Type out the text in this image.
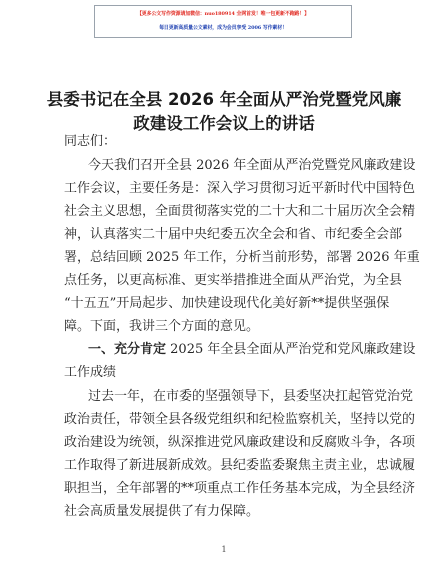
【更多公文写作资源请加微信：nuo180914 全网首发！唯一包更新不跑路！】
每日更新高质量公文素材，成为会员享受 2006 写作素材！
县委书记在全县 2026 年全面从严治党暨党风廉
政建设工作会议上的讲话
同志们：
今天我们召开全县 2026 年全面从严治党暨党风廉政建设
工作会议，主要任务是：深入学习贯彻习近平新时代中国特色
社会主义思想，全面贯彻落实党的二十大和二十届历次全会精
神，认真落实二十届中央纪委五次全会和省、市纪委全会部
署，总结回顾 2025 年工作，分析当前形势，部署 2026 年重
点任务，以更高标准、更实举措推进全面从严治党，为全县
“十五五”开局起步、加快建设现代化美好新**提供坚强保
障。下面，我讲三个方面的意见。
一、充分肯定 2025 年全县全面从严治党和党风廉政建设
工作成绩
过去一年，在市委的坚强领导下，县委坚决扛起管党治党
政治责任，带领全县各级党组织和纪检监察机关，坚持以党的
政治建设为统领，纵深推进党风廉政建设和反腐败斗争，各项
工作取得了新进展新成效。县纪委监委聚焦主责主业，忠诚履
职担当，全年部署的**项重点工作任务基本完成，为全县经济
社会高质量发展提供了有力保障。
1
